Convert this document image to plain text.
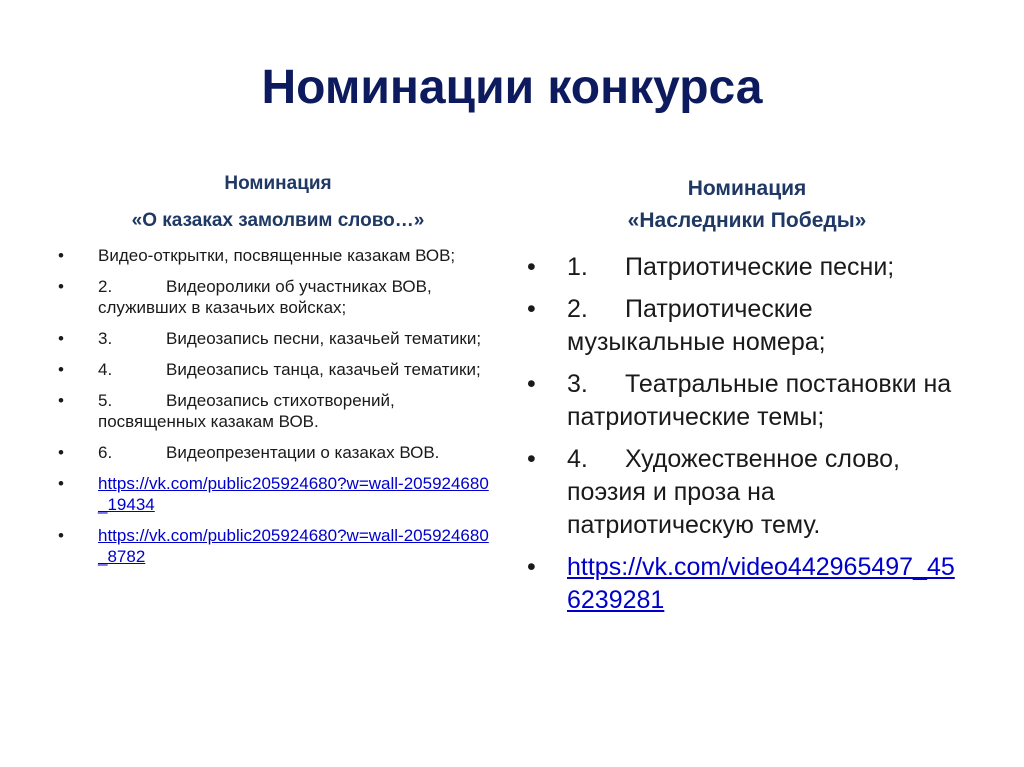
Номинации конкурса
Номинация
«О казаках замолвим слово…»
• Видео-открытки, посвященные казакам ВОВ;
• 2.	Видеоролики об участниках ВОВ, служивших в казачьих войсках;
• 3.	Видеозапись песни, казачьей тематики;
• 4.	Видеозапись танца, казачьей тематики;
• 5.	Видеозапись стихотворений, посвященных казакам ВОВ.
• 6.	Видеопрезентации о казаках ВОВ.
• https://vk.com/public205924680?w=wall-205924680_19434
• https://vk.com/public205924680?w=wall-205924680_8782
Номинация
«Наследники Победы»
• 1. Патриотические песни;
• 2. Патриотические музыкальные номера;
• 3. Театральные постановки на патриотические темы;
• 4. Художественное слово, поэзия и проза на патриотическую тему.
• https://vk.com/video442965497_456239281
